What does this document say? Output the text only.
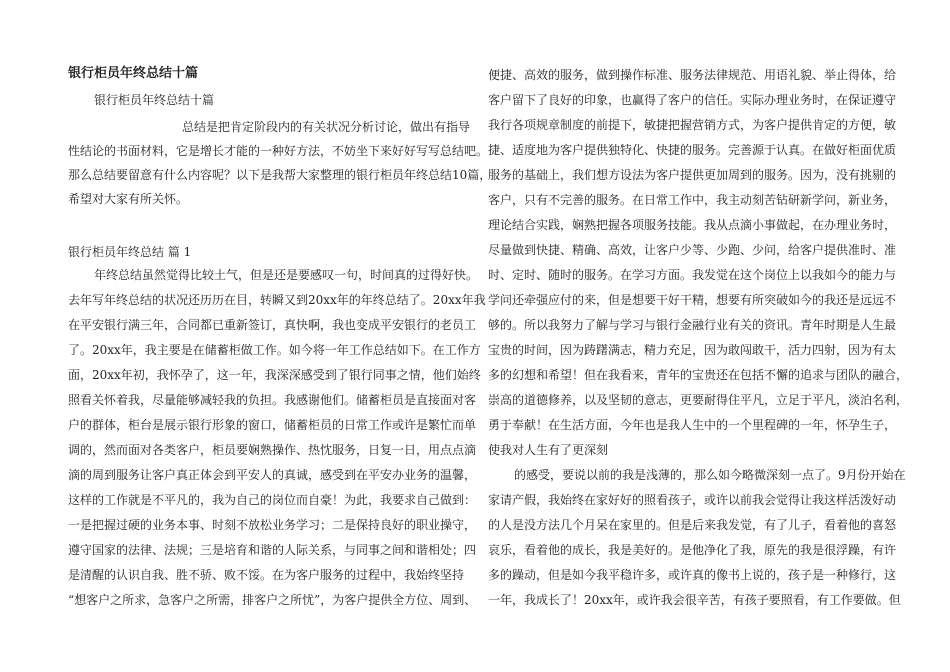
银行柜员年终总结十篇
银行柜员年终总结十篇
总结是把肯定阶段内的有关状况分析讨论，做出有指导
性结论的书面材料，它是增长才能的一种好方法，不妨坐下来好好写写总结吧。
那么总结要留意有什么内容呢？以下是我帮大家整理的银行柜员年终总结10篇，
希望对大家有所关怀。
银行柜员年终总结 篇 1
年终总结虽然觉得比较土气，但是还是要感叹一句，时间真的过得好快。
去年写年终总结的状况还历历在目，转瞬又到20xx年的年终总结了。20xx年我
在平安银行满三年，合同都已重新签订，真快啊，我也变成平安银行的老员工
了。20xx年，我主要是在储蓄柜做工作。如今将一年工作总结如下。在工作方
面，20xx年初，我怀孕了，这一年，我深深感受到了银行同事之情，他们始终
照看关怀着我，尽量能够减轻我的负担。我感谢他们。储蓄柜员是直接面对客
户的群体，柜台是展示银行形象的窗口，储蓄柜员的日常工作或许是繁忙而单
调的，然而面对各类客户，柜员要娴熟操作、热忱服务，日复一日，用点点滴
滴的周到服务让客户真正体会到平安人的真诚，感受到在平安办业务的温馨，
这样的工作就是不平凡的，我为自己的岗位而自豪！为此，我要求自己做到：
一是把握过硬的业务本事、时刻不放松业务学习；二是保持良好的职业操守，
遵守国家的法律、法规；三是培育和谐的人际关系，与同事之间和谐相处；四
是清醒的认识自我、胜不骄、败不馁。在为客户服务的过程中，我始终坚持
“想客户之所求，急客户之所需，排客户之所忧”，为客户提供全方位、周到、
便捷、高效的服务，做到操作标准、服务法律规范、用语礼貌、举止得体，给
客户留下了良好的印象，也赢得了客户的信任。实际办理业务时，在保证遵守
我行各项规章制度的前提下，敏捷把握营销方式，为客户提供肯定的方便，敏
捷、适度地为客户提供独特化、快捷的服务。完善源于认真。在做好柜面优质
服务的基础上，我们想方设法为客户提供更加周到的服务。因为，没有挑剔的
客户，只有不完善的服务。在日常工作中，我主动刻苦钻研新学问，新业务，
理论结合实践，娴熟把握各项服务技能。我从点滴小事做起，在办理业务时，
尽量做到快捷、精确、高效，让客户少等、少跑、少问，给客户提供准时、准
时、定时、随时的服务。在学习方面。我发觉在这个岗位上以我如今的能力与
学问还牵强应付的来，但是想要干好干精，想要有所突破如今的我还是远远不
够的。所以我努力了解与学习与银行金融行业有关的资讯。青年时期是人生最
宝贵的时间，因为踌躇满志，精力充足，因为敢闯敢干，活力四射，因为有太
多的幻想和希望！但在我看来，青年的宝贵还在包括不懈的追求与团队的融合，
崇高的道德修养，以及坚韧的意志，更要耐得住平凡，立足于平凡，淡泊名利，
勇于奉献！在生活方面，今年也是我人生中的一个里程碑的一年，怀孕生子，
使我对人生有了更深刻
的感受，要说以前的我是浅薄的，那么如今略微深刻一点了。9月份开始在
家请产假，我始终在家好好的照看孩子，或许以前我会觉得让我这样活泼好动
的人是没方法几个月呆在家里的。但是后来我发觉，有了儿子，看着他的喜怒
哀乐，看着他的成长，我是美好的。是他净化了我，原先的我是很浮躁，有许
多的躁动，但是如今我平稳许多，或许真的像书上说的，孩子是一种修行，这
一年，我成长了！20xx年，或许我会很辛苦，有孩子要照看，有工作要做。但
